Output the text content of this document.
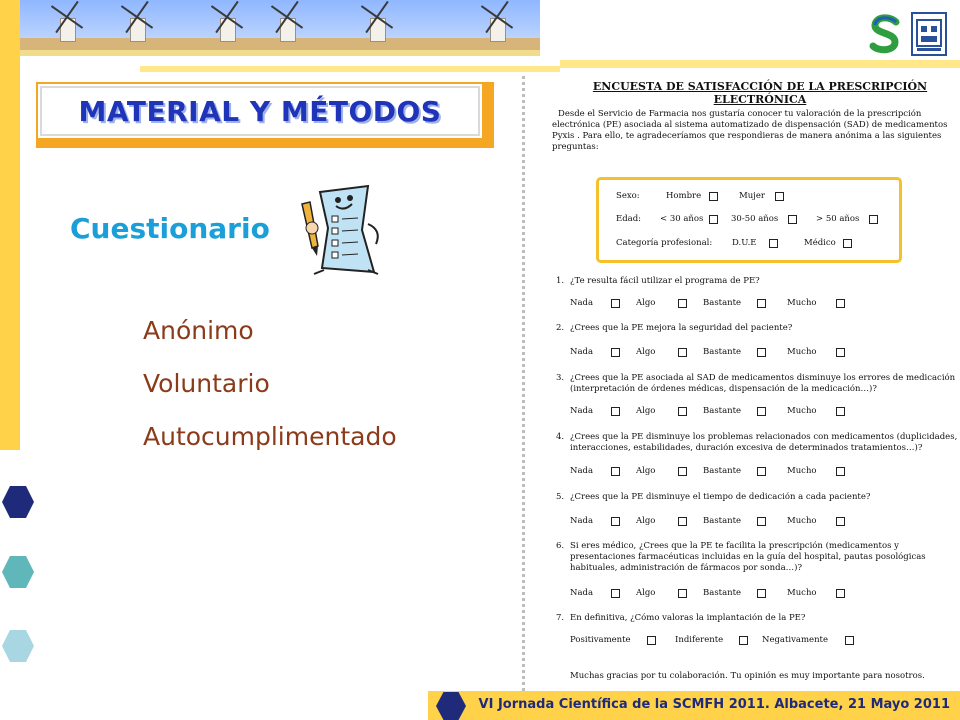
MATERIAL Y MÉTODOS
Cuestionario
Anónimo
Voluntario
Autocumplimentado
ENCUESTA DE SATISFACCIÓN DE LA PRESCRIPCIÓN ELECTRÓNICA
Desde el Servicio de Farmacia nos gustaría conocer tu valoración de la prescripción
electrónica (PE) asociada al sistema automatizado de dispensación (SAD) de medicamentos
Pyxis . Para ello, te agradeceríamos que respondieras de manera anónima a las siguientes
preguntas:
Sexo:	Hombre	Mujer
Edad: < 30 años	30-50 años	> 50 años
Categoría profesional: D.U.E	Médico
1. ¿Te resulta fácil utilizar el programa de PE?
2. ¿Crees que la PE mejora la seguridad del paciente?
3. ¿Crees que la PE asociada al SAD de medicamentos disminuye los errores de medicación
(interpretación de órdenes médicas, dispensación de la medicación…)?
4. ¿Crees que la PE disminuye los problemas relacionados con medicamentos (duplicidades,
interacciones, estabilidades, duración excesiva de determinados tratamientos…)?
5. ¿Crees que la PE disminuye el tiempo de dedicación a cada paciente?
6. Si eres médico, ¿Crees que la PE te facilita la prescripción (medicamentos y
presentaciones farmacéuticas incluidas en la guía del hospital, pautas posológicas
habituales, administración de fármacos por sonda…)?
7. En definitiva, ¿Cómo valoras la implantación de la PE?
Nada	Algo	Bastante	Mucho
Nada	Algo	Bastante	Mucho
Nada	Algo	Bastante	Mucho
Nada	Algo	Bastante	Mucho
Nada	Algo	Bastante	Mucho
Nada	Algo	Bastante	Mucho
Positivamente	Indiferente	Negativamente
Muchas gracias por tu colaboración. Tu opinión es muy importante para nosotros.
VI Jornada Científica de la SCMFH 2011. Albacete, 21 Mayo 2011
